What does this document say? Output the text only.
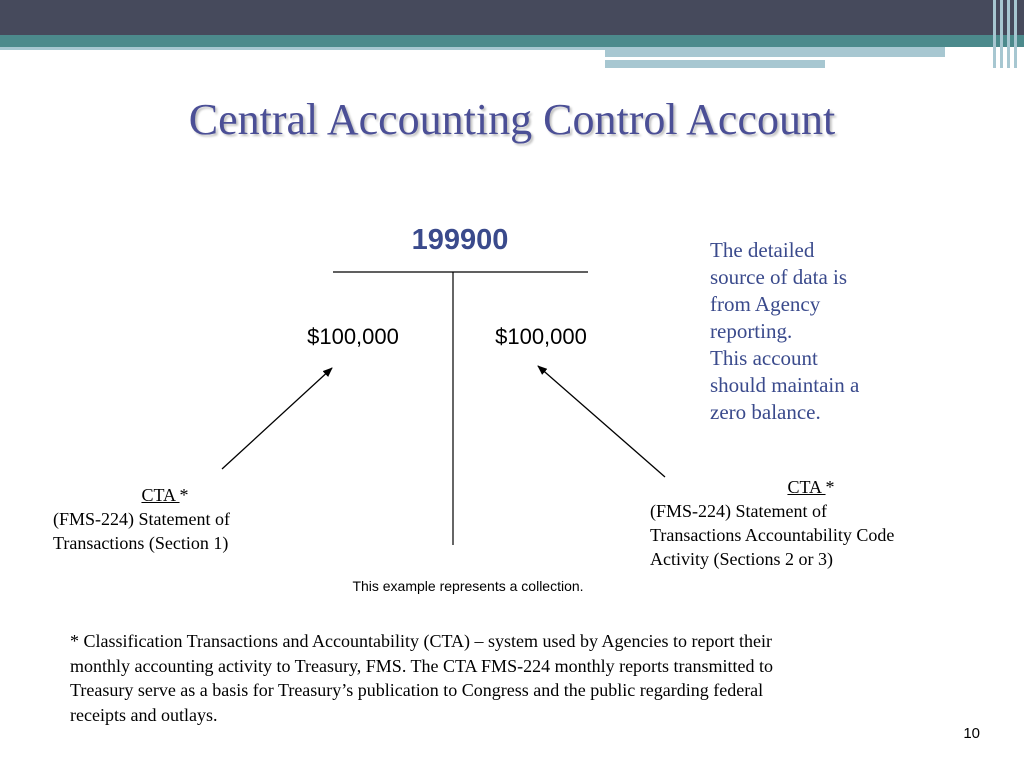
Central Accounting Control Account
199900
$100,000	$100,000
The detailed
source of data is
from Agency
reporting.
This account
should maintain a
zero balance.
CTA *
(FMS-224) Statement of
Transactions (Section 1)
CTA *
(FMS-224) Statement of
Transactions Accountability Code
Activity (Sections 2 or 3)
This example represents a collection.
* Classification Transactions and Accountability (CTA) – system used by Agencies to report their
monthly accounting activity to Treasury, FMS. The CTA FMS-224 monthly reports transmitted to
Treasury serve as a basis for Treasury’s publication to Congress and the public regarding federal
receipts and outlays.
10
